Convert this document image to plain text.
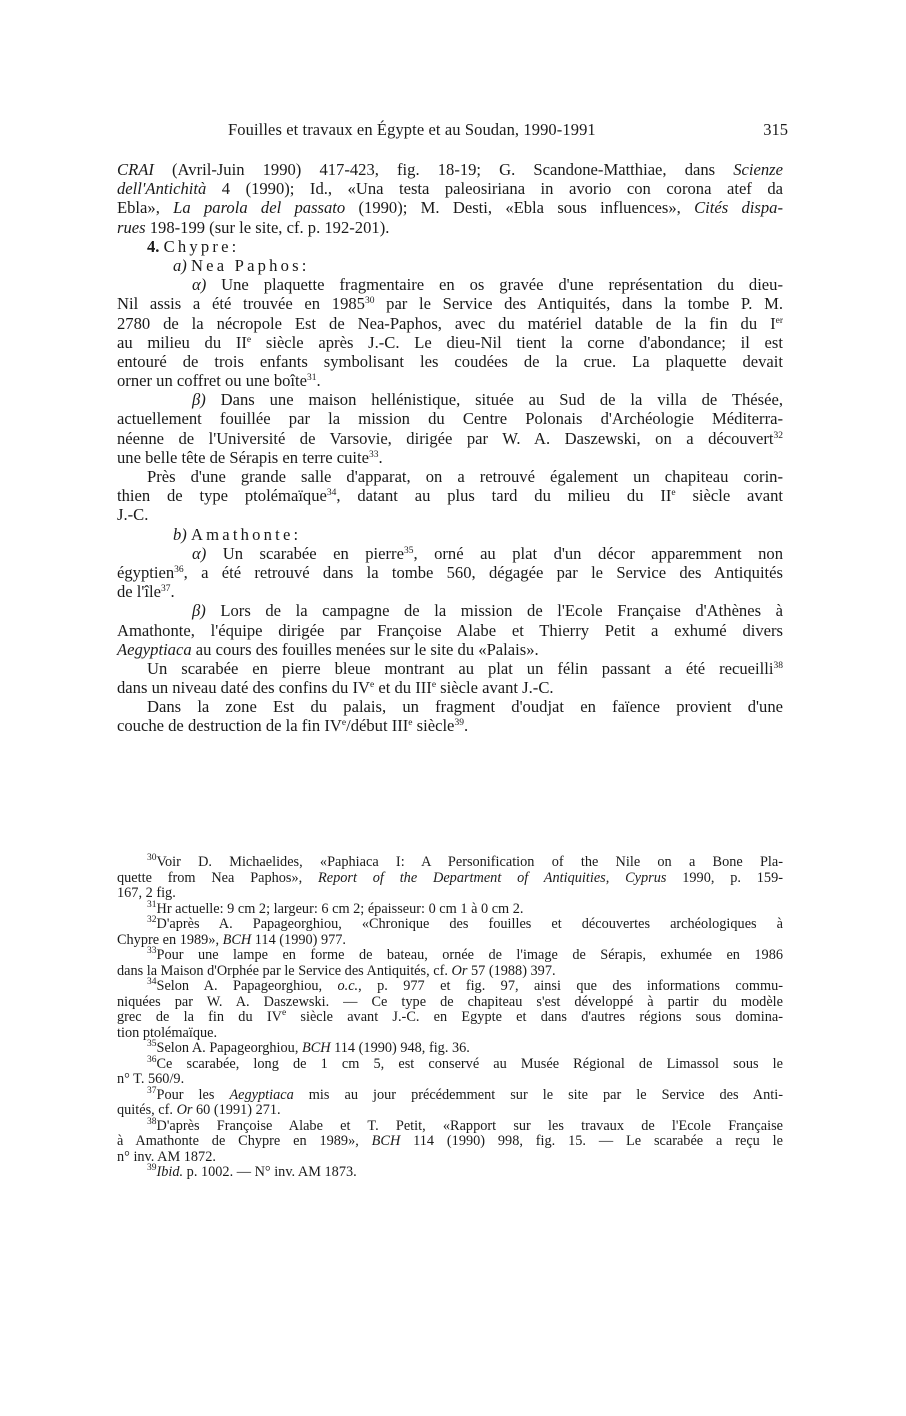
Fouilles et travaux en Égypte et au Soudan, 1990-1991	315
CRAI (Avril-Juin 1990) 417-423, fig. 18-19; G. Scandone-Matthiae, dans Scienze
dell'Antichità 4 (1990); Id., «Una testa paleosiriana in avorio con corona atef da
Ebla», La parola del passato (1990); M. Desti, «Ebla sous influences», Cités dispa-
rues 198-199 (sur le site, cf. p. 192-201).
4. Chypre:
a) Nea Paphos:
α) Une plaquette fragmentaire en os gravée d'une représentation du dieu-
Nil assis a été trouvée en 1985$^{30}$ par le Service des Antiquités, dans la tombe P. M.
2780 de la nécropole Est de Nea-Paphos, avec du matériel datable de la fin du Ier
au milieu du IIe siècle après J.-C. Le dieu-Nil tient la corne d'abondance; il est
entouré de trois enfants symbolisant les coudées de la crue. La plaquette devait
orner un coffret ou une boîte$^{31}$.
β) Dans une maison hellénistique, située au Sud de la villa de Thésée,
actuellement fouillée par la mission du Centre Polonais d'Archéologie Méditerra-
néenne de l'Université de Varsovie, dirigée par W. A. Daszewski, on a découvert$^{32}$
une belle tête de Sérapis en terre cuite$^{33}$.
Près d'une grande salle d'apparat, on a retrouvé également un chapiteau corin-
thien de type ptolémaïque$^{34}$, datant au plus tard du milieu du IIe siècle avant
J.-C.
b) Amathonte:
α) Un scarabée en pierre$^{35}$, orné au plat d'un décor apparemment non
égyptien$^{36}$, a été retrouvé dans la tombe 560, dégagée par le Service des Antiquités
de l'île$^{37}$.
β) Lors de la campagne de la mission de l'Ecole Française d'Athènes à
Amathonte, l'équipe dirigée par Françoise Alabe et Thierry Petit a exhumé divers
Aegyptiaca au cours des fouilles menées sur le site du «Palais».
Un scarabée en pierre bleue montrant au plat un félin passant a été recueilli$^{38}$
dans un niveau daté des confins du IVe et du IIIe siècle avant J.-C.
Dans la zone Est du palais, un fragment d'oudjat en faïence provient d'une
couche de destruction de la fin IVe/début IIIe siècle$^{39}$.
$^{30}$Voir D. Michaelides, «Paphiaca I: A Personification of the Nile on a Bone Pla-
quette from Nea Paphos», Report of the Department of Antiquities, Cyprus 1990, p. 159-
167, 2 fig.
$^{31}$Hr actuelle: 9 cm 2; largeur: 6 cm 2; épaisseur: 0 cm 1 à 0 cm 2.
$^{32}$D'après A. Papageorghiou, «Chronique des fouilles et découvertes archéologiques à
Chypre en 1989», BCH 114 (1990) 977.
$^{33}$Pour une lampe en forme de bateau, ornée de l'image de Sérapis, exhumée en 1986
dans la Maison d'Orphée par le Service des Antiquités, cf. Or 57 (1988) 397.
$^{34}$Selon A. Papageorghiou, o.c., p. 977 et fig. 97, ainsi que des informations commu-
niquées par W. A. Daszewski. — Ce type de chapiteau s'est développé à partir du modèle
grec de la fin du IVe siècle avant J.-C. en Egypte et dans d'autres régions sous domina-
tion ptolémaïque.
$^{35}$Selon A. Papageorghiou, BCH 114 (1990) 948, fig. 36.
$^{36}$Ce scarabée, long de 1 cm 5, est conservé au Musée Régional de Limassol sous le
n° T. 560/9.
$^{37}$Pour les Aegyptiaca mis au jour précédemment sur le site par le Service des Anti-
quités, cf. Or 60 (1991) 271.
$^{38}$D'après Françoise Alabe et T. Petit, «Rapport sur les travaux de l'Ecole Française
à Amathonte de Chypre en 1989», BCH 114 (1990) 998, fig. 15. — Le scarabée a reçu le
n° inv. AM 1872.
$^{39}$Ibid. p. 1002. — N° inv. AM 1873.
